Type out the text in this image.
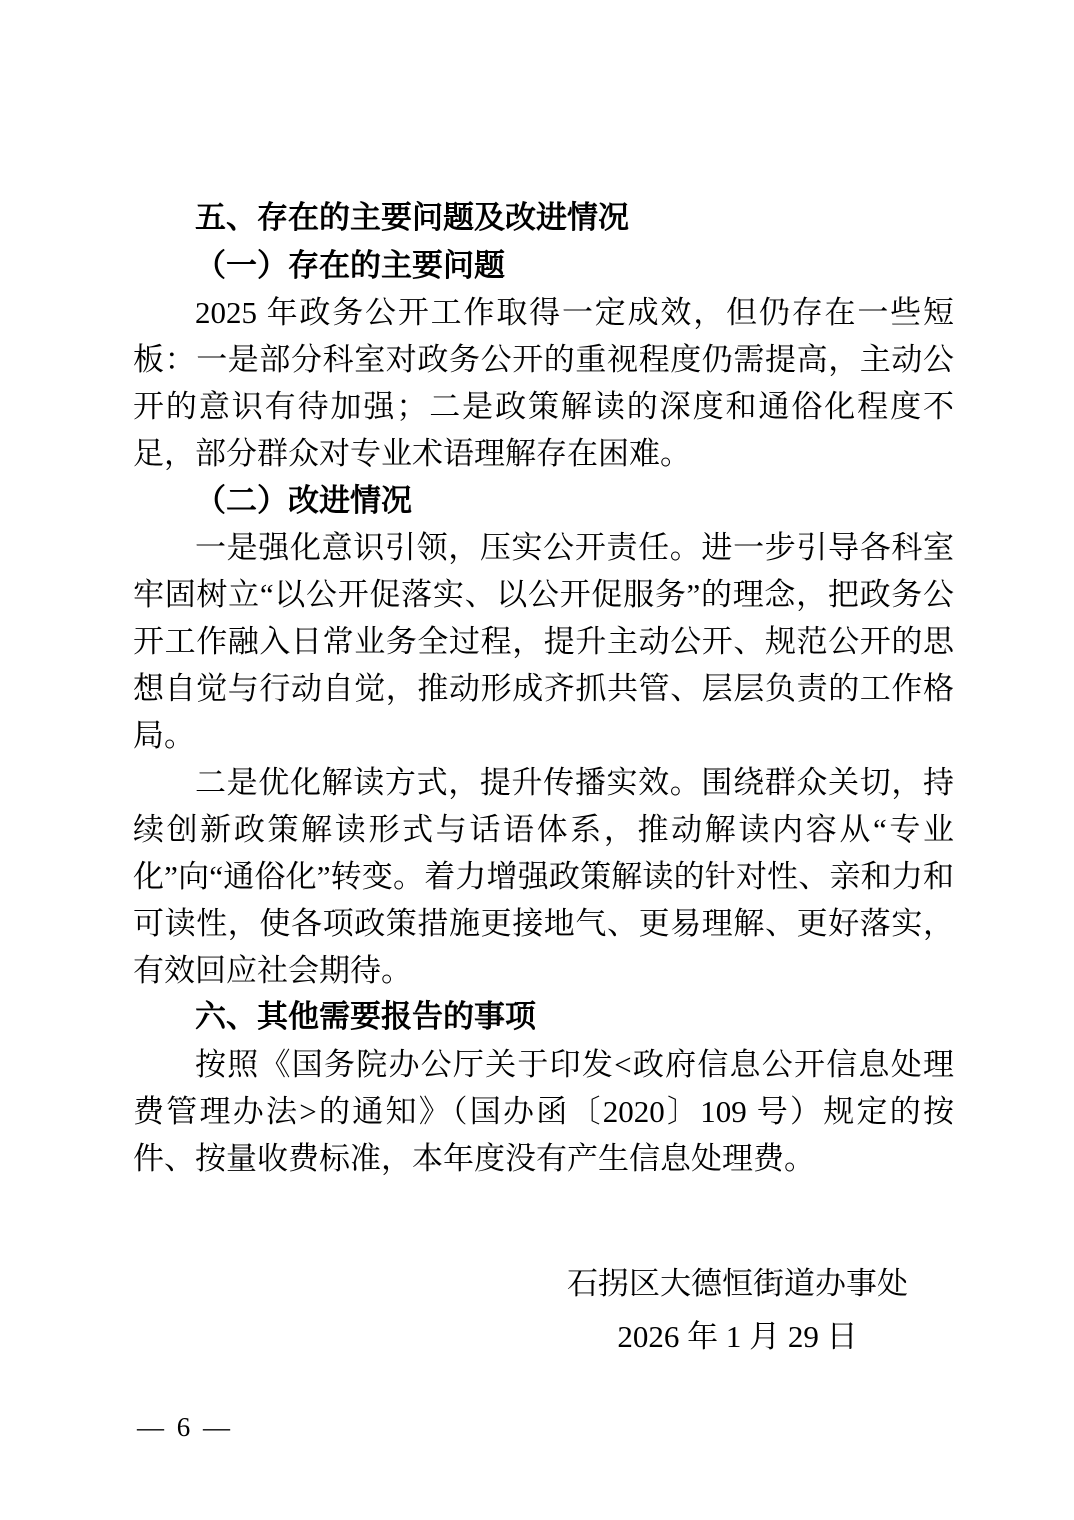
五、存在的主要问题及改进情况
（一）存在的主要问题
2025 年政务公开工作取得一定成效，但仍存在一些短板：一是部分科室对政务公开的重视程度仍需提高，主动公开的意识有待加强；二是政策解读的深度和通俗化程度不足，部分群众对专业术语理解存在困难。
（二）改进情况
一是强化意识引领，压实公开责任。进一步引导各科室牢固树立“以公开促落实、以公开促服务”的理念，把政务公开工作融入日常业务全过程，提升主动公开、规范公开的思想自觉与行动自觉，推动形成齐抓共管、层层负责的工作格局。
二是优化解读方式，提升传播实效。围绕群众关切，持续创新政策解读形式与话语体系，推动解读内容从“专业化”向“通俗化”转变。着力增强政策解读的针对性、亲和力和可读性，使各项政策措施更接地气、更易理解、更好落实，有效回应社会期待。
六、其他需要报告的事项
按照《国务院办公厅关于印发<政府信息公开信息处理费管理办法>的通知》（国办函〔2020〕109 号）规定的按件、按量收费标准，本年度没有产生信息处理费。
石拐区大德恒街道办事处
2026 年 1 月 29 日
— 6 —
